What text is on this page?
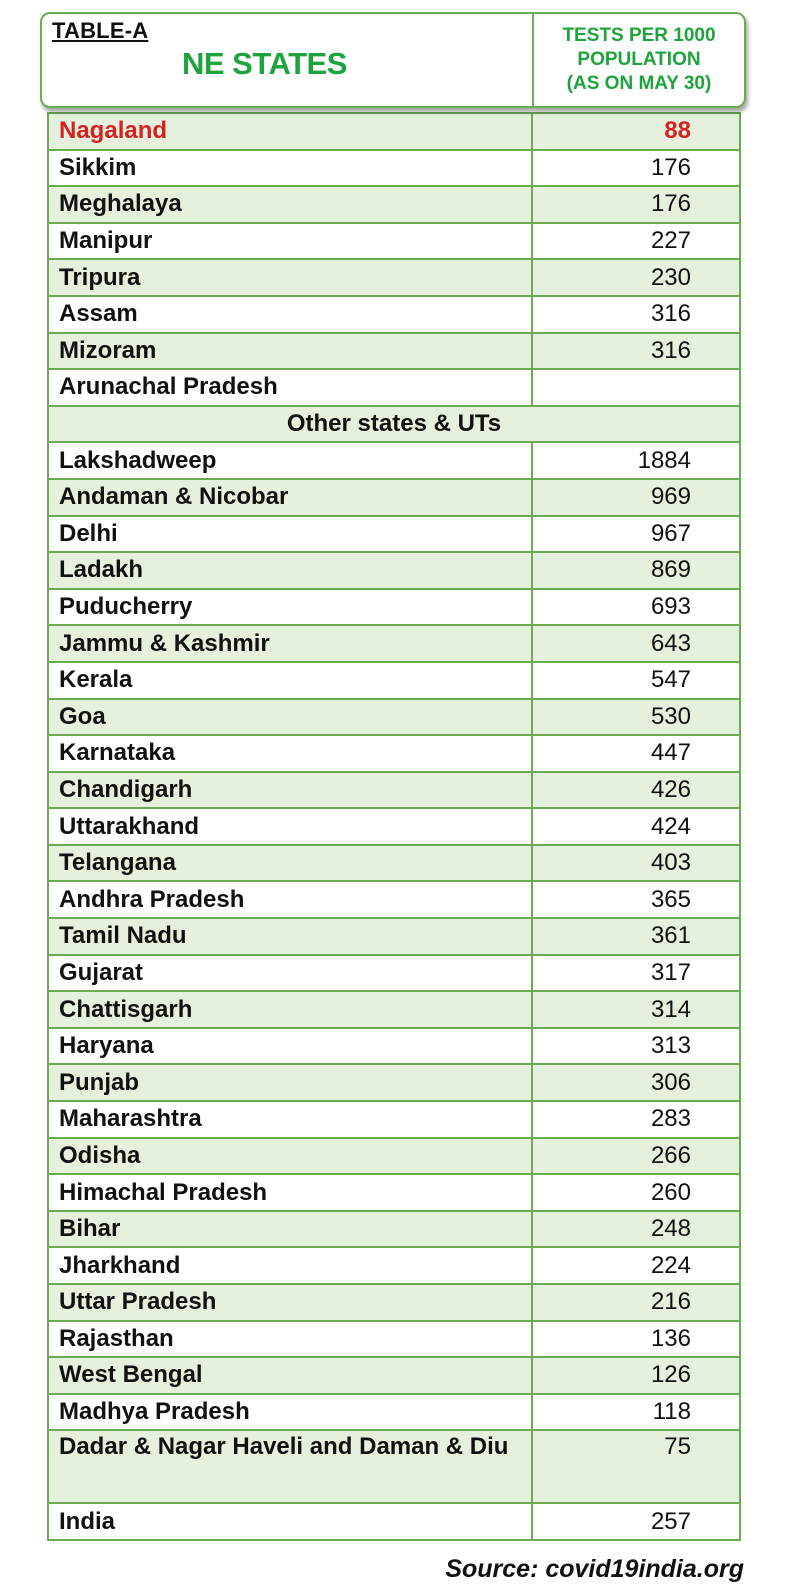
TABLE-A
NE STATES
TESTS PER 1000
POPULATION
(AS ON MAY 30)
Nagaland	88
Sikkim	176
Meghalaya	176
Manipur	227
Tripura	230
Assam	316
Mizoram	316
Arunachal Pradesh
Other states & UTs
Lakshadweep	1884
Andaman & Nicobar	969
Delhi	967
Ladakh	869
Puducherry	693
Jammu & Kashmir	643
Kerala	547
Goa	530
Karnataka	447
Chandigarh	426
Uttarakhand	424
Telangana	403
Andhra Pradesh	365
Tamil Nadu	361
Gujarat	317
Chattisgarh	314
Haryana	313
Punjab	306
Maharashtra	283
Odisha	266
Himachal Pradesh	260
Bihar	248
Jharkhand	224
Uttar Pradesh	216
Rajasthan	136
West Bengal	126
Madhya Pradesh	118
Dadar & Nagar Haveli and Daman & Diu	75
India	257
Source: covid19india.org
